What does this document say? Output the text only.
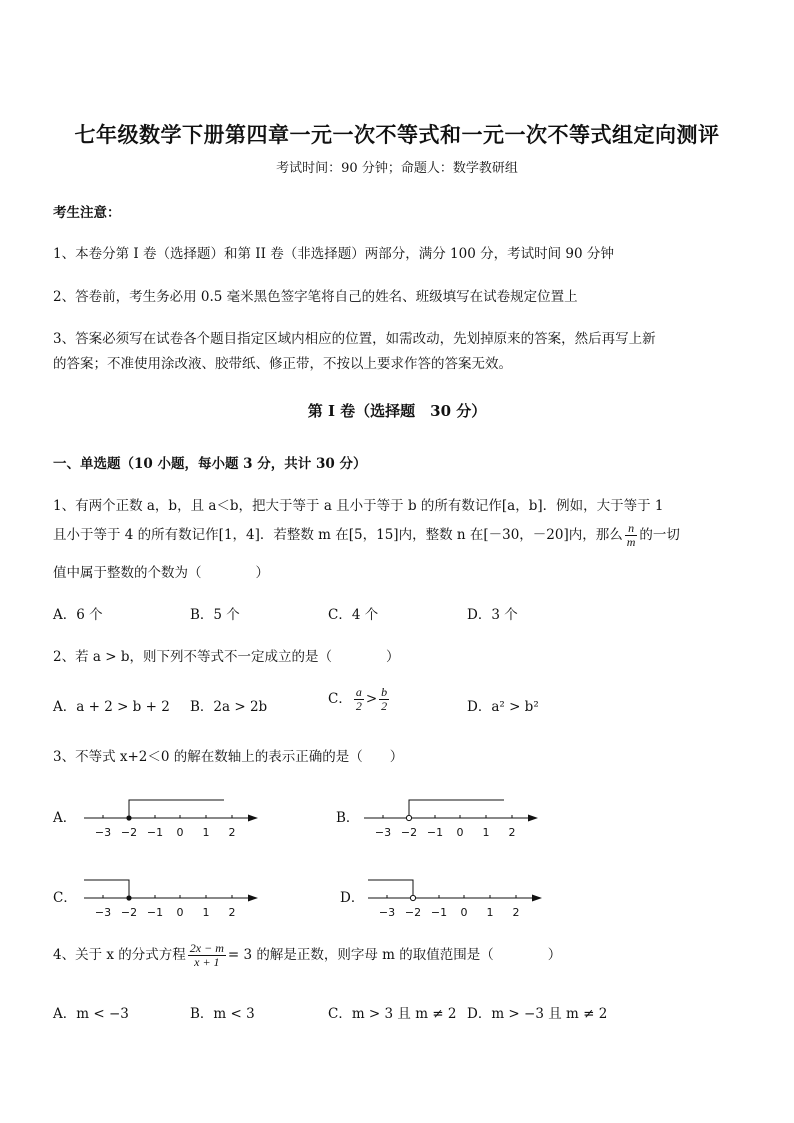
七年级数学下册第四章一元一次不等式和一元一次不等式组定向测评
考试时间：90 分钟；命题人：数学教研组
考生注意：
1、本卷分第 I 卷（选择题）和第 II 卷（非选择题）两部分，满分 100 分，考试时间 90 分钟
2、答卷前，考生务必用 0.5 毫米黑色签字笔将自己的姓名、班级填写在试卷规定位置上
3、答案必须写在试卷各个题目指定区域内相应的位置，如需改动，先划掉原来的答案，然后再写上新
的答案；不准使用涂改液、胶带纸、修正带，不按以上要求作答的答案无效。
第 I 卷（选择题　30 分）
一、单选题（10 小题，每小题 3 分，共计 30 分）
1、有两个正数 a，b，且 a＜b，把大于等于 a 且小于等于 b 的所有数记作[a，b]．例如，大于等于 1
且小于等于 4 的所有数记作[1，4]．若整数 m 在[5，15]内，整数 n 在[－30，－20]内，那么 $\frac{n}{m}$ 的一切
值中属于整数的个数为（　　　　）
A．6 个	B．5 个	C．4 个	D．3 个
2、若 a > b，则下列不等式不一定成立的是（　　　　）
A．a + 2 > b + 2 B．2a > 2b	C． $\frac{a}{2} > \frac{b}{2}$	D．a² > b²
3、不等式 x+2＜0 的解在数轴上的表示正确的是（　　）
A．	B．
C．	D．
−3 −2 −1 0 1 2	−3 −2 −1 0 1 2
−3 −2 −1 0 1 2	−3 −2 −1 0 1 2
4、关于 x 的分式方程 $\frac{2x - m}{x + 1} = 3$ 的解是正数，则字母 m 的取值范围是（　　　　）
A．m < −3	B．m < 3	C．m > 3 且 m ≠ 2 D．m > −3 且 m ≠ 2
